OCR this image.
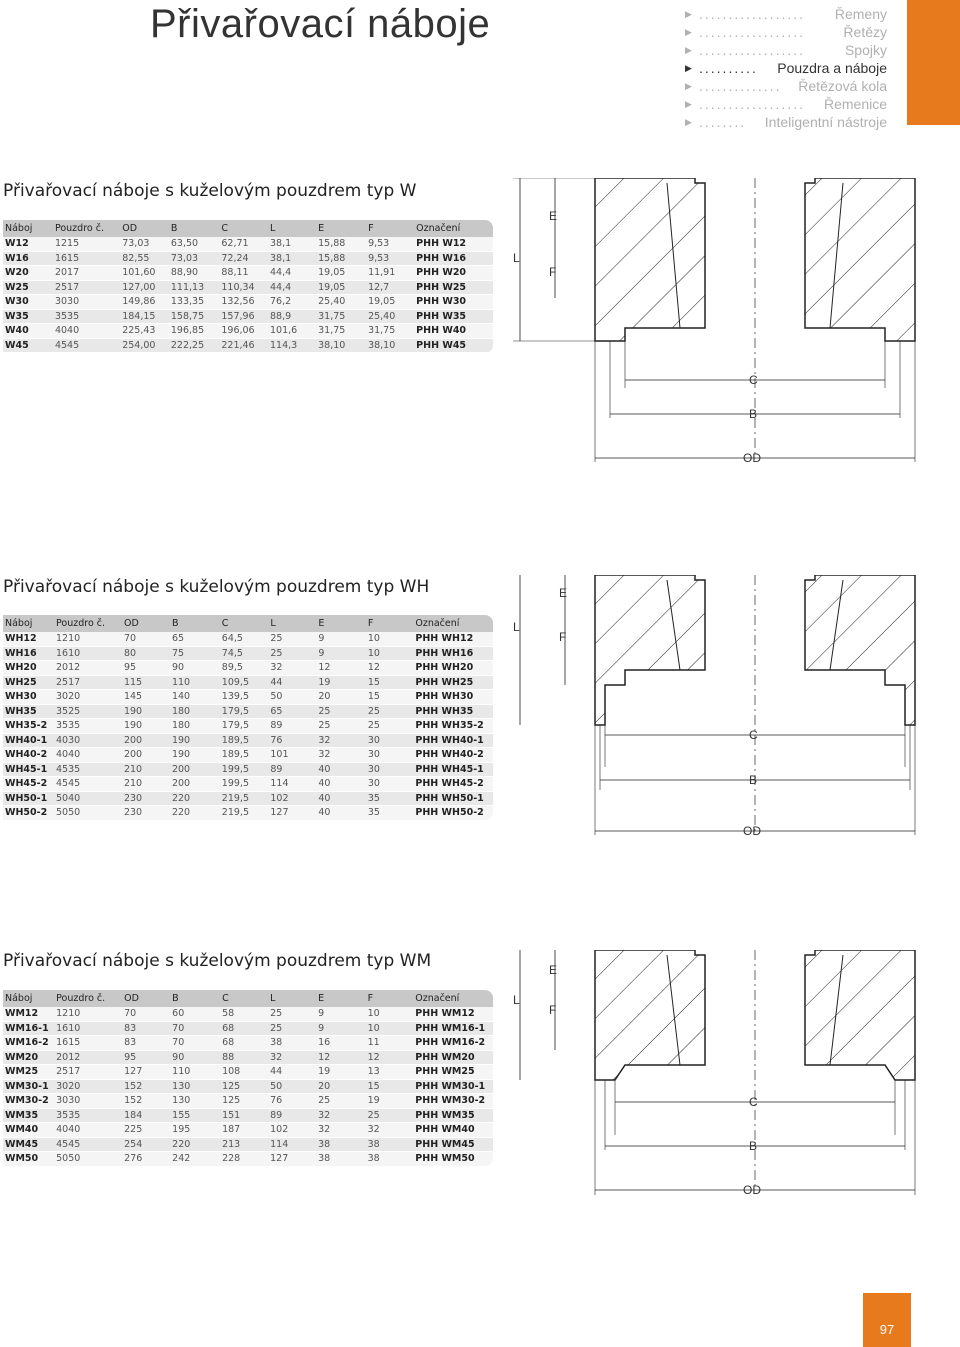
Přivařovací náboje	▶ ..................	Řemeny
▶ ..................	Řetězy
▶ ..................	Spojky
▶ ..........	Pouzdra a náboje
▶ ..............	Řetězová kola
▶ ..................	Řemenice
▶ ........	Inteligentní nástroje
Přivařovací náboje s kuželovým pouzdrem typ W
Náboj	Pouzdro č.	OD	B	C	L	E	F	Označení
W12	1215	73,03	63,50	62,71	38,1	15,88	9,53	PHH W12
W16	1615	82,55	73,03	72,24	38,1	15,88	9,53	PHH W16
W20	2017	101,60	88,90	88,11	44,4	19,05	11,91	PHH W20
W25	2517	127,00	111,13	110,34	44,4	19,05	12,7	PHH W25
W30	3030	149,86	133,35	132,56	76,2	25,40	19,05	PHH W30
W35	3535	184,15	158,75	157,96	88,9	31,75	25,40	PHH W35
W40	4040	225,43	196,85	196,06	101,6	31,75	31,75	PHH W40
W45	4545	254,00	222,25	221,46	114,3	38,10	38,10	PHH W45
Přivařovací náboje s kuželovým pouzdrem typ WH
Náboj	Pouzdro č.	OD	B	C	L	E	F	Označení
WH12	1210	70	65	64,5	25	9	10	PHH WH12
WH16	1610	80	75	74,5	25	9	10	PHH WH16
WH20	2012	95	90	89,5	32	12	12	PHH WH20
WH25	2517	115	110	109,5	44	19	15	PHH WH25
WH30	3020	145	140	139,5	50	20	15	PHH WH30
WH35	3525	190	180	179,5	65	25	25	PHH WH35
WH35-2	3535	190	180	179,5	89	25	25	PHH WH35-2
WH40-1	4030	200	190	189,5	76	32	30	PHH WH40-1
WH40-2	4040	200	190	189,5	101	32	30	PHH WH40-2
WH45-1	4535	210	200	199,5	89	40	30	PHH WH45-1
WH45-2	4545	210	200	199,5	114	40	30	PHH WH45-2
WH50-1	5040	230	220	219,5	102	40	35	PHH WH50-1
WH50-2	5050	230	220	219,5	127	40	35	PHH WH50-2
Přivařovací náboje s kuželovým pouzdrem typ WM
Náboj	Pouzdro č.	OD	B	C	L	E	F	Označení
WM12	1210	70	60	58	25	9	10	PHH WM12
WM16-1	1610	83	70	68	25	9	10	PHH WM16-1
WM16-2	1615	83	70	68	38	16	11	PHH WM16-2
WM20	2012	95	90	88	32	12	12	PHH WM20
WM25	2517	127	110	108	44	19	13	PHH WM25
WM30-1	3020	152	130	125	50	20	15	PHH WM30-1
WM30-2	3030	152	130	125	76	25	19	PHH WM30-2
WM35	3535	184	155	151	89	32	25	PHH WM35
WM40	4040	225	195	187	102	32	32	PHH WM40
WM45	4545	254	220	213	114	38	38	PHH WM45
WM50	5050	276	242	228	127	38	38	PHH WM50
L
E
F
C
B
OD
L
E
F
C
B
OD
L
E
F
C
B
OD
97
